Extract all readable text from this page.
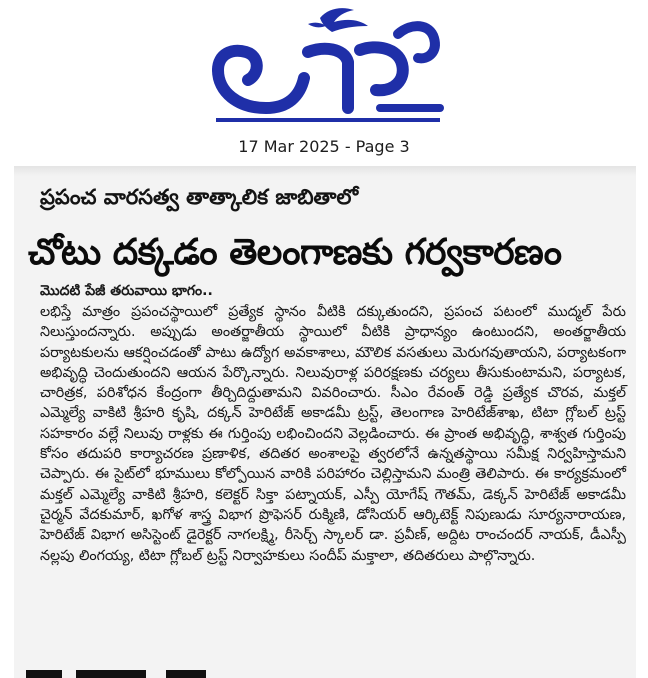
17 Mar 2025 - Page 3
ప్రపంచ వారసత్వ తాత్కాలిక జాబితాలో
చోటు దక్కడం తెలంగాణకు గర్వకారణం
మొదటి పేజీ తరువాయి భాగం..

లభిస్తే మాత్రం ప్రపంచస్థాయిలో ప్రత్యేక స్థానం వీటికి దక్కుతుందని, ప్రపంచ పటంలో ముద్మల్ పేరు నిలుస్తుందన్నారు. అప్పుడు అంతర్జాతీయ స్థాయిలో వీటికి ప్రాధాన్యం ఉంటుందని, అంతర్జాతీయ పర్యాటకులను ఆకర్షించడంతో పాటు ఉద్యోగ అవకాశాలు, మౌలిక వసతులు మెరుగవుతాయని, పర్యాటకంగా అభివృద్ధి చెందుతుందని ఆయన పేర్కొన్నారు. నిలువురాళ్ల పరిరక్షణకు చర్యలు తీసుకుంటామని, పర్యాటక, చారిత్రక, పరిశోధన కేంద్రంగా తీర్చిదిద్దుతామని వివరించారు. సీఎం రేవంత్ రెడ్డి ప్రత్యేక చొరవ, మక్తల్ ఎమ్మెల్యే వాకిటి శ్రీహరి కృషి, దక్కన్ హెరిటేజ్ అకాడమీ ట్రస్ట్, తెలంగాణ హెరిటేజ్‌శాఖ, టిటా గ్లోబల్ ట్రస్ట్ సహకారం వల్లే నిలువు రాళ్లకు ఈ గుర్తింపు లభించిందని వెల్లడించారు. ఈ ప్రాంత అభివృద్ధి, శాశ్వత గుర్తింపు కోసం తదుపరి కార్యాచరణ ప్రణాళిక, తదితర అంశాలపై త్వరలోనే ఉన్నతస్థాయి సమీక్ష నిర్వహిస్తామని చెప్పారు. ఈ సైట్‌లో భూములు కోల్పోయిన వారికి పరిహారం చెల్లిస్తామని మంత్రి తెలిపారు. ఈ కార్యక్రమంలో మక్తల్ ఎమ్మెల్యే వాకిటి శ్రీహరి, కలెక్టర్ సిక్తా పట్నాయక్, ఎస్పీ యోగేష్ గౌతమ్, డెక్కన్ హెరిటేజ్ అకాడమీ చైర్మన్ వేదకుమార్, ఖగోళ శాస్త్ర విభాగ ప్రొఫెసర్ రుక్మిణి, డోసియర్ ఆర్కిటెక్ట్ నిపుణుడు సూర్యనారాయణ, హెరిటేజ్ విభాగ అసిస్టెంట్ డైరెక్టర్ నాగలక్ష్మి, రీసెర్చ్ స్కాలర్ డా. ప్రవీణ్, అద్దిట రాంచందర్ నాయక్, డీఎస్పీ నల్లపు లింగయ్య, టిటా గ్లోబల్ ట్రస్ట్ నిర్వాహకులు సందీప్ మక్తాలా, తదితరులు పాల్గొన్నారు.
